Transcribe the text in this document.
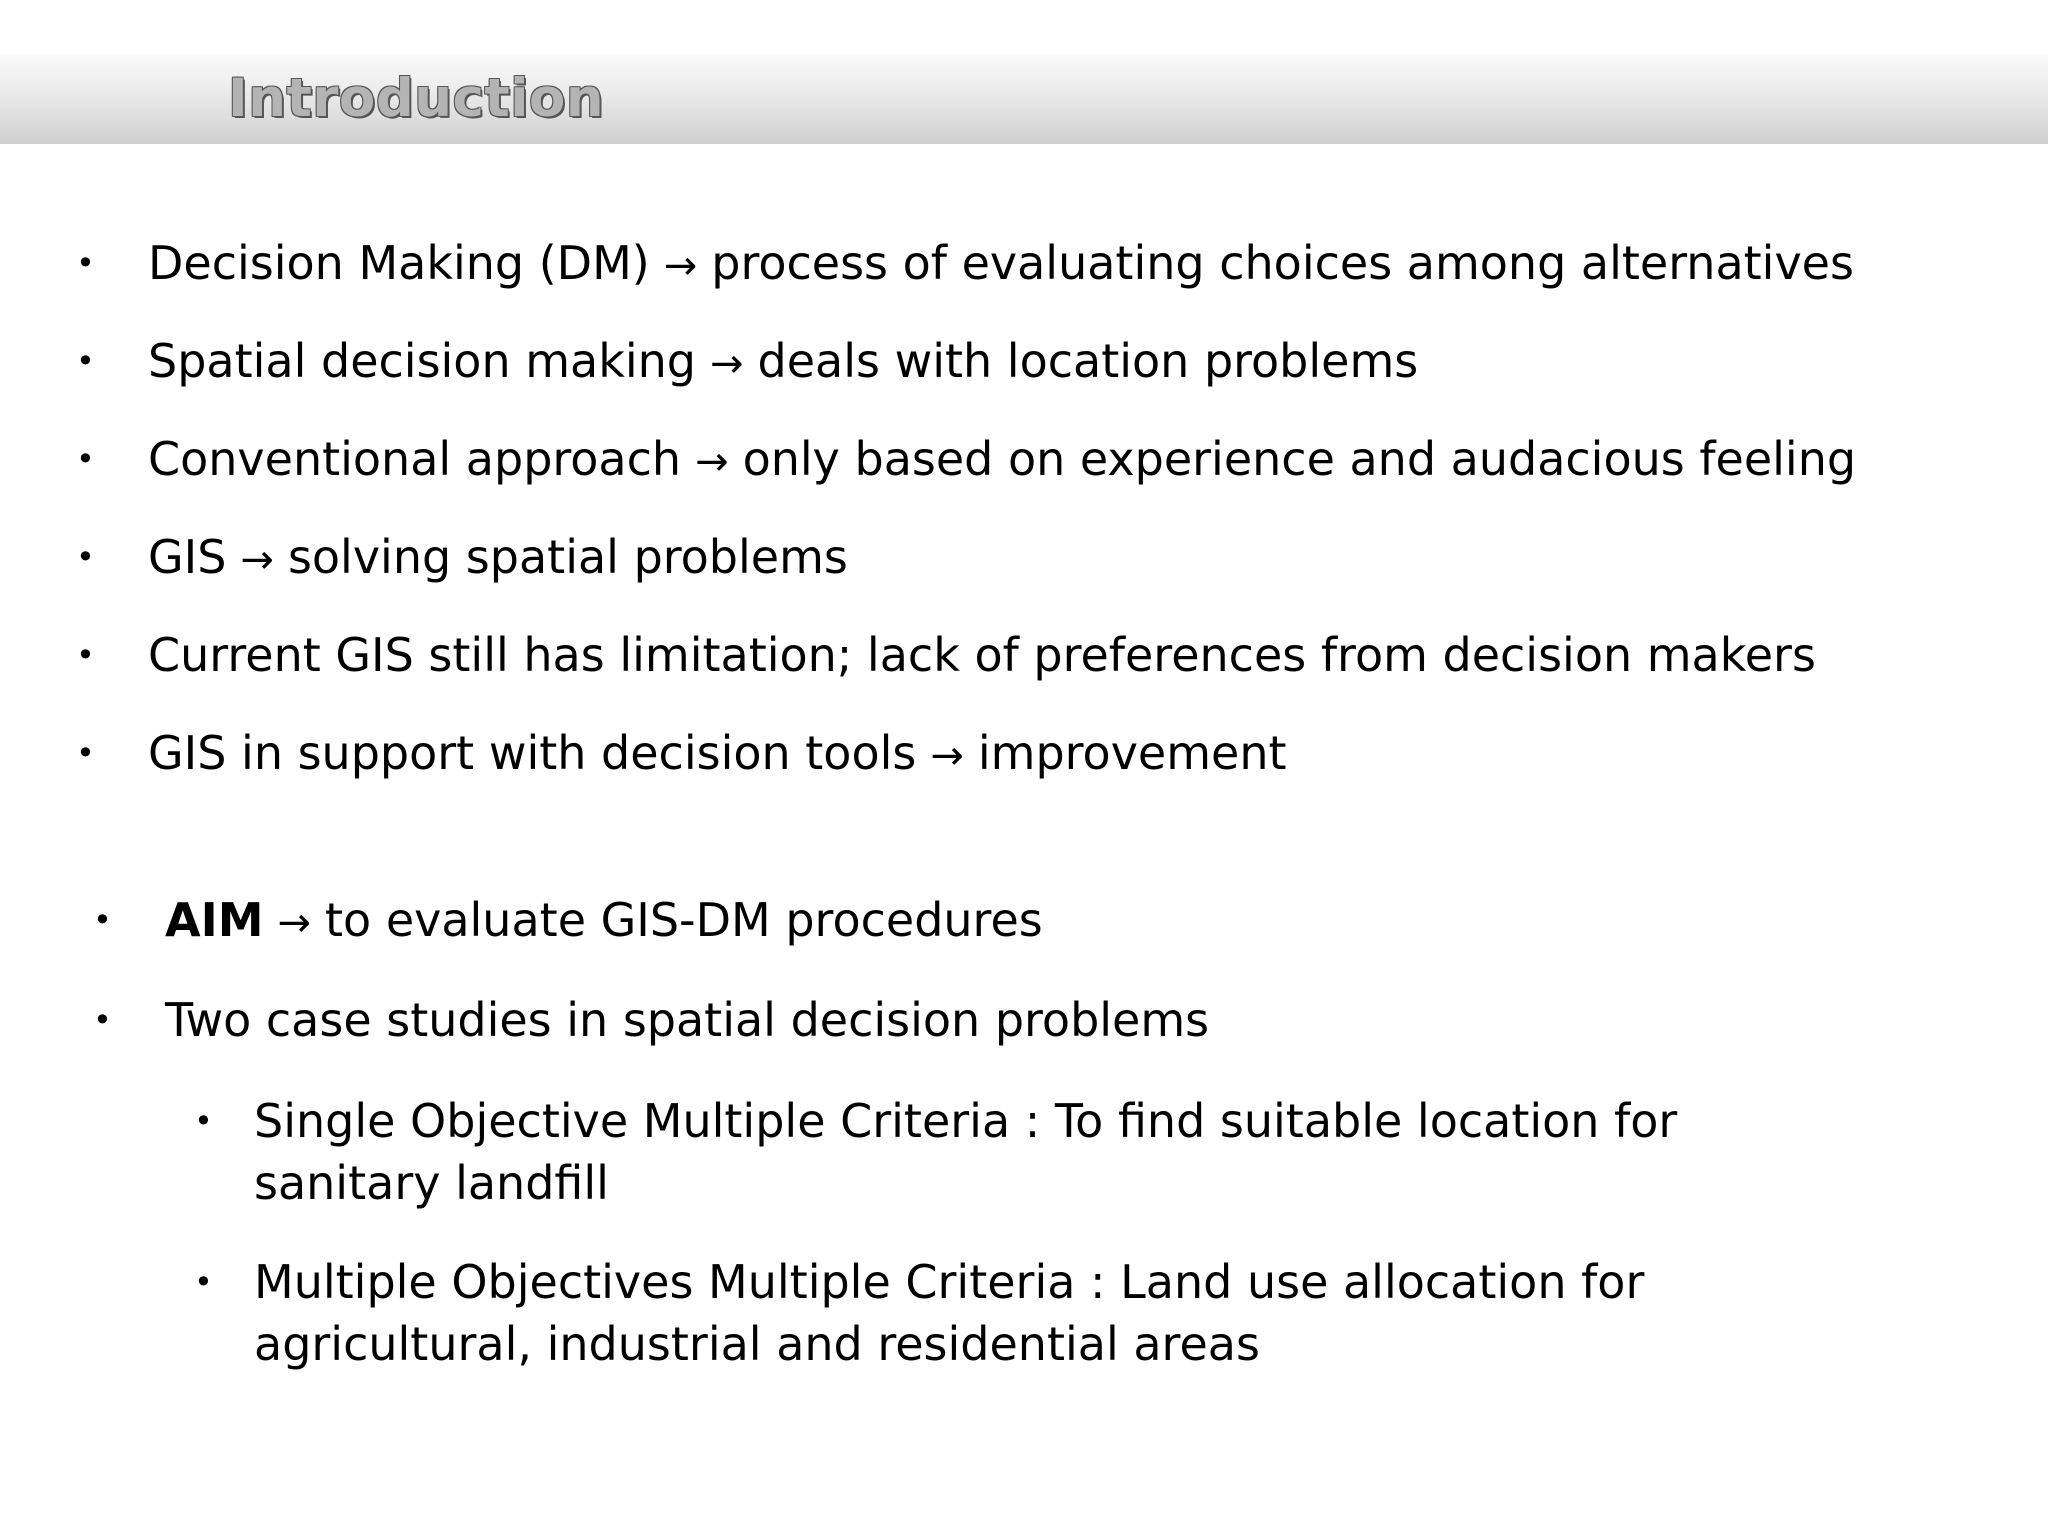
Introduction
• Decision Making (DM) → process of evaluating choices among alternatives
• Spatial decision making → deals with location problems
• Conventional approach → only based on experience and audacious feeling
• GIS → solving spatial problems
• Current GIS still has limitation; lack of preferences from decision makers
• GIS in support with decision tools → improvement
• AIM → to evaluate GIS-DM procedures
• Two case studies in spatial decision problems
• Single Objective Multiple Criteria : To find suitable location for sanitary landfill
• Multiple Objectives Multiple Criteria : Land use allocation for agricultural, industrial and residential areas
